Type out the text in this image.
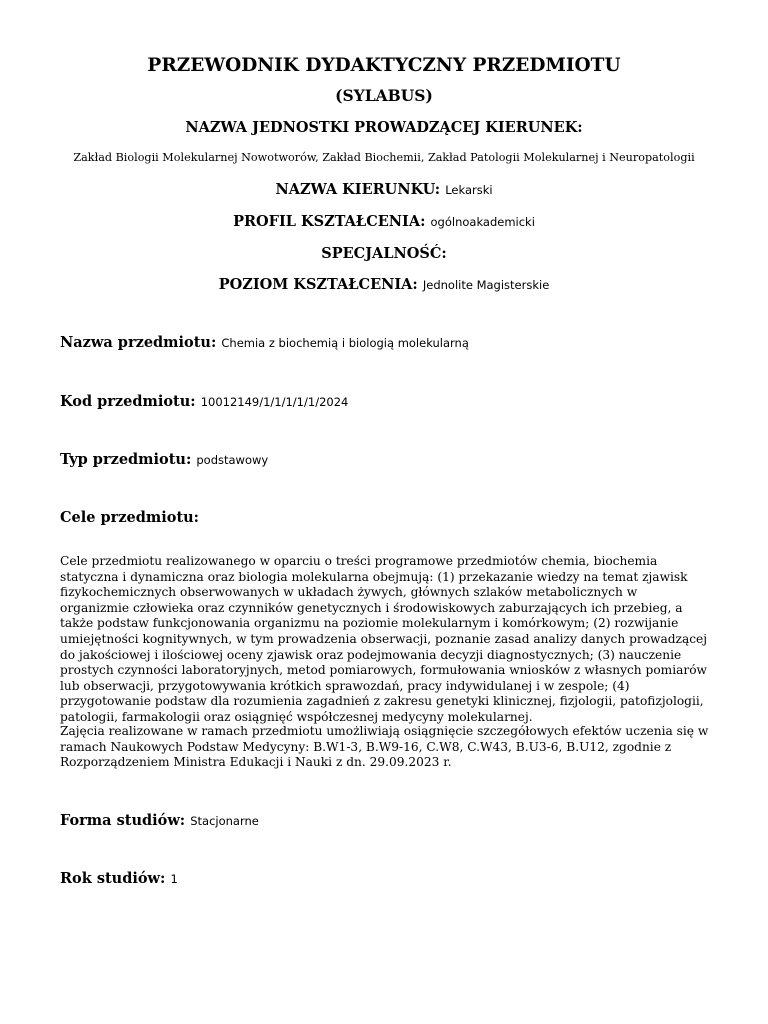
PRZEWODNIK DYDAKTYCZNY PRZEDMIOTU
(SYLABUS)
NAZWA JEDNOSTKI PROWADZĄCEJ KIERUNEK:
Zakład Biologii Molekularnej Nowotworów, Zakład Biochemii, Zakład Patologii Molekularnej i Neuropatologii
NAZWA KIERUNKU: Lekarski
PROFIL KSZTAŁCENIA: ogólnoakademicki
SPECJALNOŚĆ:
POZIOM KSZTAŁCENIA: Jednolite Magisterskie
Nazwa przedmiotu: Chemia z biochemią i biologią molekularną
Kod przedmiotu: 10012149/1/1/1/1/1/2024
Typ przedmiotu: podstawowy
Cele przedmiotu:

Cele przedmiotu realizowanego w oparciu o treści programowe przedmiotów chemia, biochemia statyczna i dynamiczna oraz biologia molekularna obejmują: (1) przekazanie wiedzy na temat zjawisk fizykochemicznych obserwowanych w układach żywych, głównych szlaków metabolicznych w organizmie człowieka oraz czynników genetycznych i środowiskowych zaburzających ich przebieg, a także podstaw funkcjonowania organizmu na poziomie molekularnym i komórkowym; (2) rozwijanie umiejętności kognitywnych, w tym prowadzenia obserwacji, poznanie zasad analizy danych prowadzącej do jakościowej i ilościowej oceny zjawisk oraz podejmowania decyzji diagnostycznych; (3) nauczenie prostych czynności laboratoryjnych, metod pomiarowych, formułowania wniosków z własnych pomiarów lub obserwacji, przygotowywania krótkich sprawozdań, pracy indywidulanej i w zespole; (4) przygotowanie podstaw dla rozumienia zagadnień z zakresu genetyki klinicznej, fizjologii, patofizjologii, patologii, farmakologii oraz osiągnięć współczesnej medycyny molekularnej.

Zajęcia realizowane w ramach przedmiotu umożliwiają osiągnięcie szczegółowych efektów uczenia się w ramach Naukowych Podstaw Medycyny: B.W1-3, B.W9-16, C.W8, C.W43, B.U3-6, B.U12, zgodnie z Rozporządzeniem Ministra Edukacji i Nauki z dn. 29.09.2023 r.

Forma studiów: Stacjonarne
Rok studiów: 1
